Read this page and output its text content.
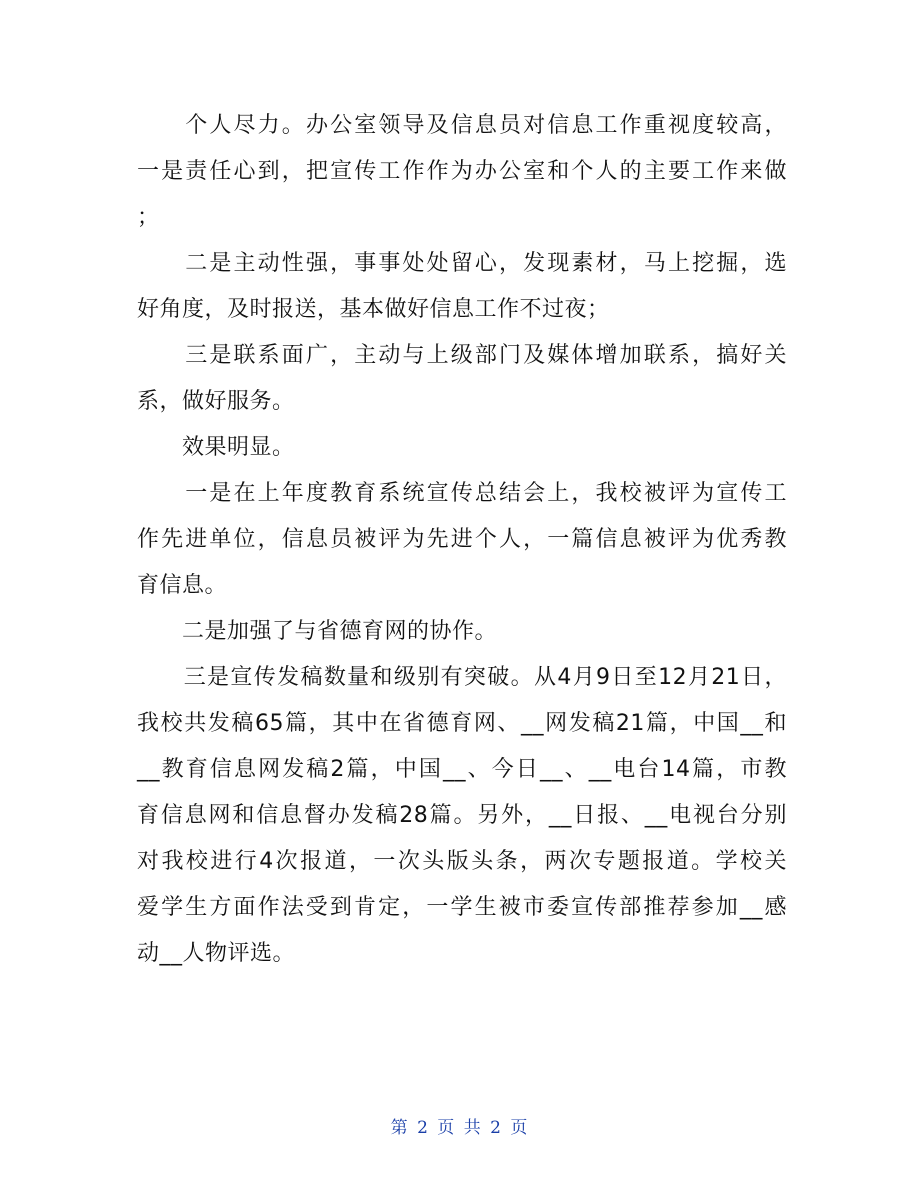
　　个人尽力。办公室领导及信息员对信息工作重视度较高，
一是责任心到，把宣传工作作为办公室和个人的主要工作来做
；
　　二是主动性强，事事处处留心，发现素材，马上挖掘，选
好角度，及时报送，基本做好信息工作不过夜；
　　三是联系面广，主动与上级部门及媒体增加联系，搞好关
系，做好服务。
　　效果明显。
　　一是在上年度教育系统宣传总结会上，我校被评为宣传工
作先进单位，信息员被评为先进个人，一篇信息被评为优秀教
育信息。
　　二是加强了与省德育网的协作。
　　三是宣传发稿数量和级别有突破。从4月9日至12月21日，
我校共发稿65篇，其中在省德育网、__网发稿21篇，中国__和
__教育信息网发稿2篇，中国__、今日__、__电台14篇，市教
育信息网和信息督办发稿28篇。另外，__日报、__电视台分别
对我校进行4次报道，一次头版头条，两次专题报道。学校关
爱学生方面作法受到肯定，一学生被市委宣传部推荐参加__感
动__人物评选。
第 2 页 共 2 页
